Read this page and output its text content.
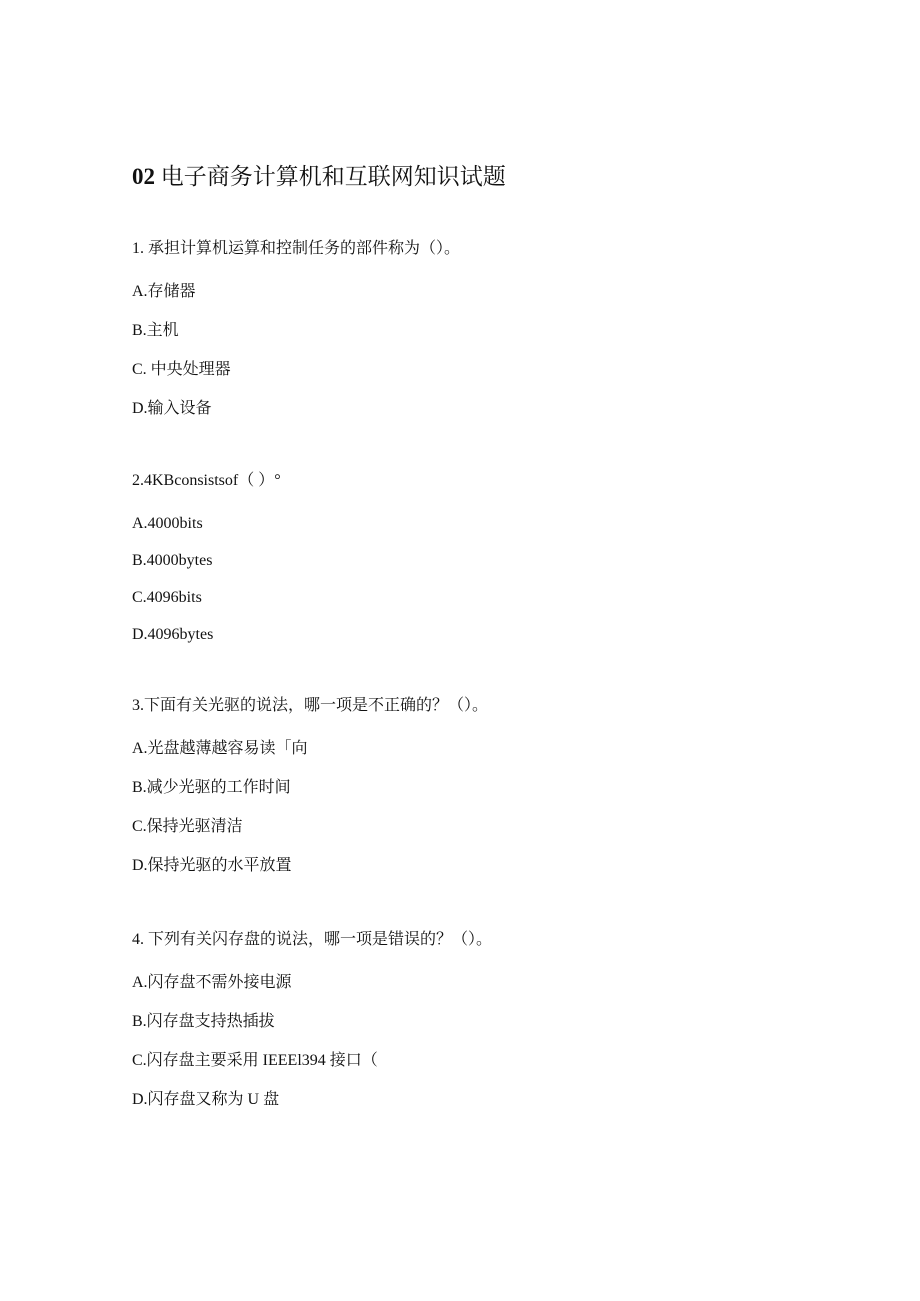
02 电子商务计算机和互联网知识试题

1. 承担计算机运算和控制任务的部件称为（）。

A.存储器
B.主机
C. 中央处理器
D.输入设备

2.4KBconsistsof（ ）°

A.4000bits
B.4000bytes
C.4096bits
D.4096bytes

3.下面有关光驱的说法，哪一项是不正确的？（）。

A.光盘越薄越容易读「向
B.减少光驱的工作时间
C.保持光驱清洁
D.保持光驱的水平放置

4. 下列有关闪存盘的说法，哪一项是错误的？（）。

A.闪存盘不需外接电源
B.闪存盘支持热插拔
C.闪存盘主要采用 IEEEl394 接口（
D.闪存盘又称为 U 盘
